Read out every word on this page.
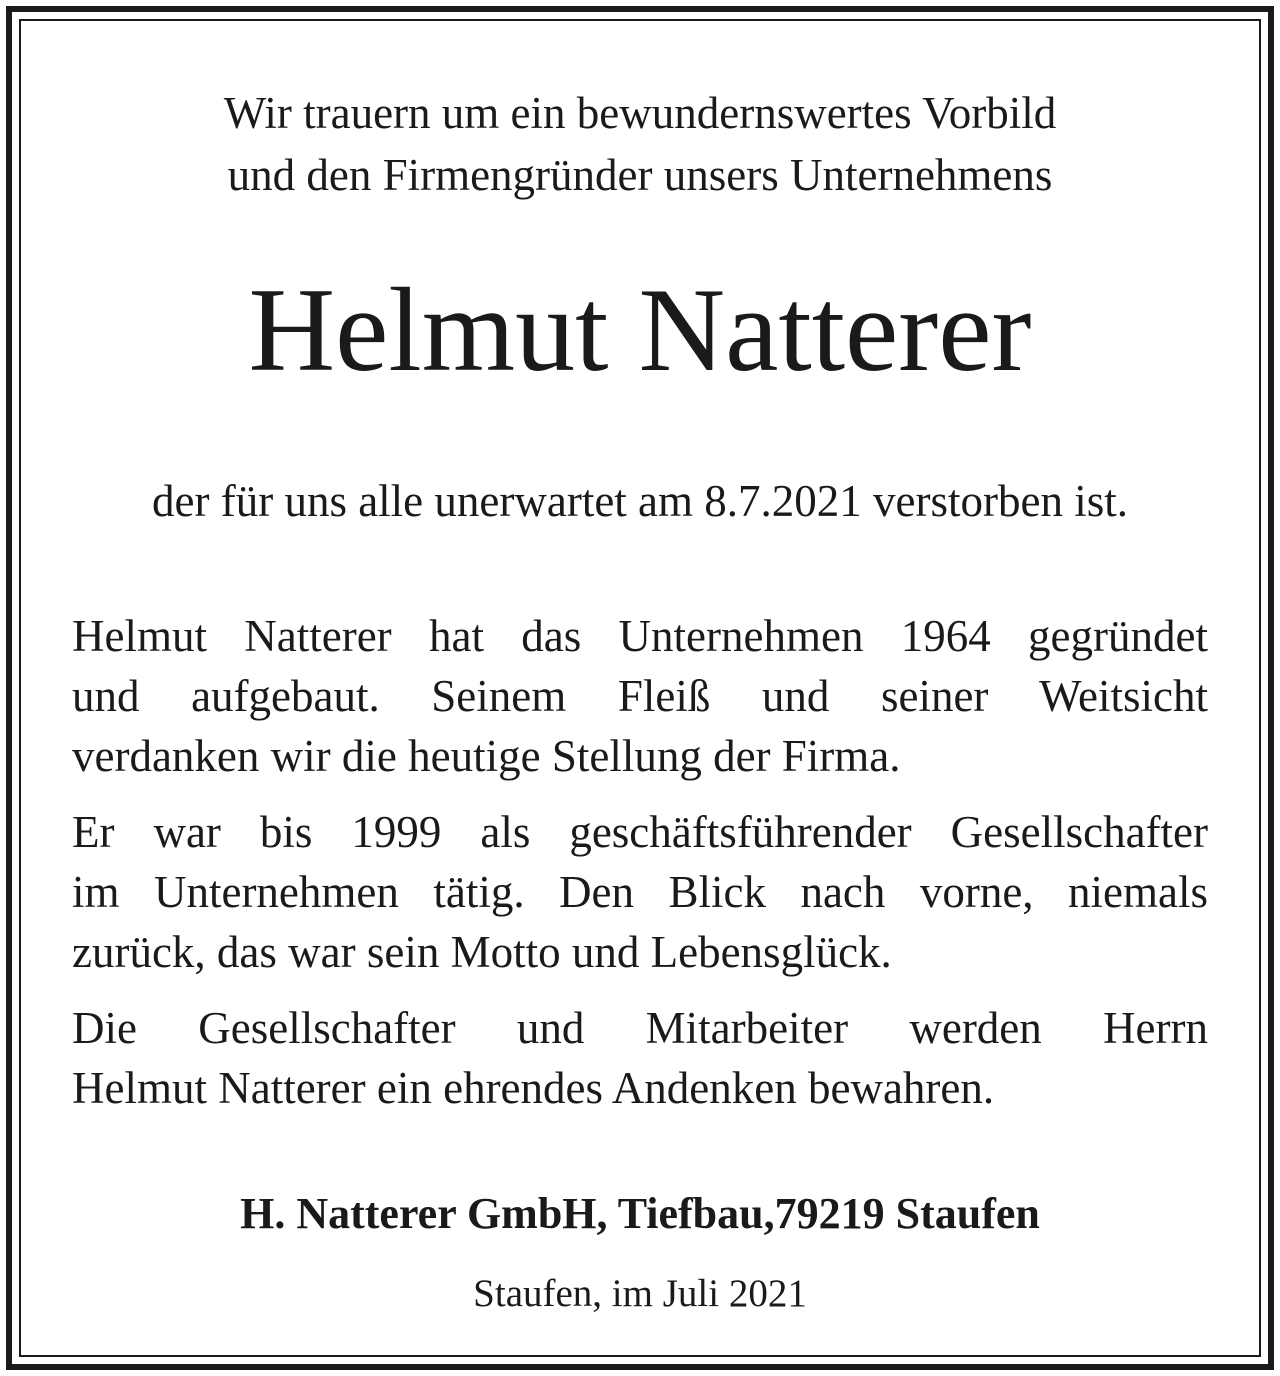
Wir trauern um ein bewundernswertes Vorbild
und den Firmengründer unsers Unternehmens
Helmut Natterer
der für uns alle unerwartet am 8.7.2021 verstorben ist.
Helmut Natterer hat das Unternehmen 1964 gegründet
und aufgebaut. Seinem Fleiß und seiner Weitsicht
verdanken wir die heutige Stellung der Firma.
Er war bis 1999 als geschäftsführender Gesellschafter
im Unternehmen tätig. Den Blick nach vorne, niemals
zurück, das war sein Motto und Lebensglück.
Die Gesellschafter und Mitarbeiter werden Herrn
Helmut Natterer ein ehrendes Andenken bewahren.
H. Natterer GmbH, Tiefbau,79219 Staufen
Staufen, im Juli 2021
